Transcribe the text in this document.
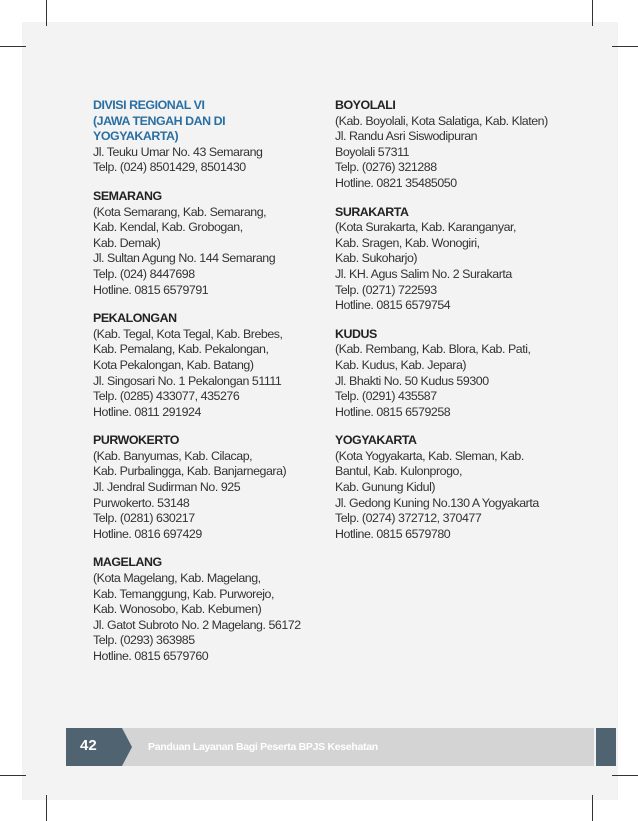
DIVISI REGIONAL VI

(JAWA TENGAH DAN DI

YOGYAKARTA)

Jl. Teuku Umar No. 43 Semarang

Telp. (024) 8501429, 8501430

SEMARANG

(Kota Semarang, Kab. Semarang,

Kab. Kendal, Kab. Grobogan,

Kab. Demak)

Jl. Sultan Agung No. 144 Semarang

Telp. (024) 8447698

Hotline. 0815 6579791

PEKALONGAN

(Kab. Tegal, Kota Tegal, Kab. Brebes,

Kab. Pemalang, Kab. Pekalongan,

Kota Pekalongan, Kab. Batang)

Jl. Singosari No. 1 Pekalongan 51111

Telp. (0285) 433077, 435276

Hotline. 0811 291924

PURWOKERTO

(Kab. Banyumas, Kab. Cilacap,

Kab. Purbalingga, Kab. Banjarnegara)

Jl. Jendral Sudirman No. 925

Purwokerto. 53148

Telp. (0281) 630217

Hotline. 0816 697429

MAGELANG

(Kota Magelang, Kab. Magelang,

Kab. Temanggung, Kab. Purworejo,

Kab. Wonosobo, Kab. Kebumen)

Jl. Gatot Subroto No. 2 Magelang. 56172

Telp. (0293) 363985

Hotline. 0815 6579760

BOYOLALI

(Kab. Boyolali, Kota Salatiga, Kab. Klaten)

Jl. Randu Asri Siswodipuran

Boyolali 57311

Telp. (0276) 321288

Hotline. 0821 35485050

SURAKARTA

(Kota Surakarta, Kab. Karanganyar,

Kab. Sragen, Kab. Wonogiri,

Kab. Sukoharjo)

Jl. KH. Agus Salim No. 2 Surakarta

Telp. (0271) 722593

Hotline. 0815 6579754

KUDUS

(Kab. Rembang, Kab. Blora, Kab. Pati,

Kab. Kudus, Kab. Jepara)

Jl. Bhakti No. 50 Kudus 59300

Telp. (0291) 435587

Hotline. 0815 6579258

YOGYAKARTA

(Kota Yogyakarta, Kab. Sleman, Kab.

Bantul, Kab. Kulonprogo,

Kab. Gunung Kidul)

Jl. Gedong Kuning No.130 A Yogyakarta

Telp. (0274) 372712, 370477

Hotline. 0815 6579780

42	Panduan Layanan Bagi Peserta BPJS Kesehatan
